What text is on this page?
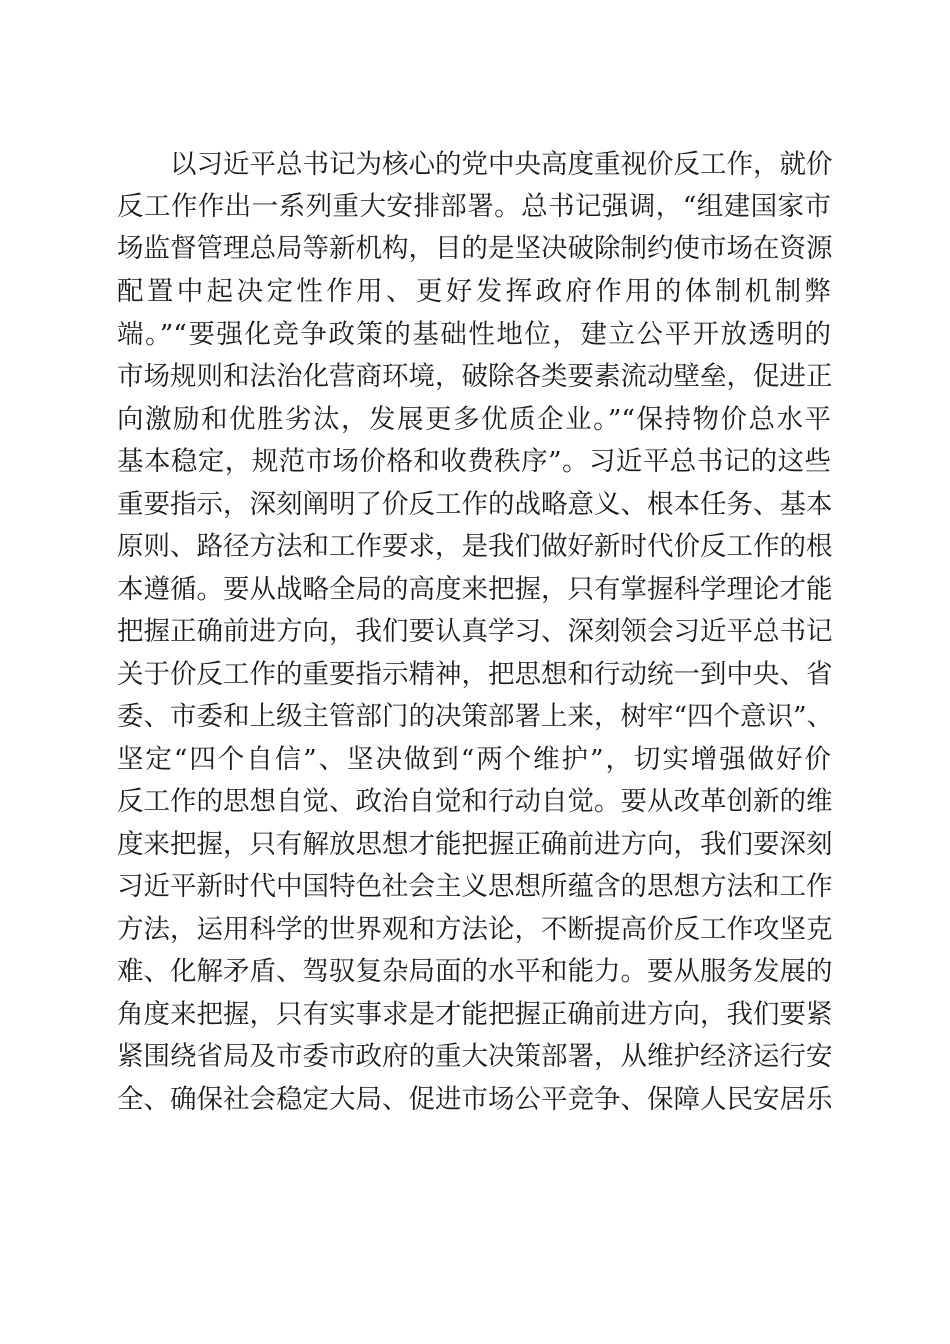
以习近平总书记为核心的党中央高度重视价反工作，就价
反工作作出一系列重大安排部署。总书记强调，“组建国家市
场监督管理总局等新机构，目的是坚决破除制约使市场在资源
配置中起决定性作用、更好发挥政府作用的体制机制弊
端。”“要强化竞争政策的基础性地位，建立公平开放透明的
市场规则和法治化营商环境，破除各类要素流动壁垒，促进正
向激励和优胜劣汰，发展更多优质企业。”“保持物价总水平
基本稳定，规范市场价格和收费秩序”。习近平总书记的这些
重要指示，深刻阐明了价反工作的战略意义、根本任务、基本
原则、路径方法和工作要求，是我们做好新时代价反工作的根
本遵循。要从战略全局的高度来把握，只有掌握科学理论才能
把握正确前进方向，我们要认真学习、深刻领会习近平总书记
关于价反工作的重要指示精神，把思想和行动统一到中央、省
委、市委和上级主管部门的决策部署上来，树牢“四个意识”、
坚定“四个自信”、坚决做到“两个维护”，切实增强做好价
反工作的思想自觉、政治自觉和行动自觉。要从改革创新的维
度来把握，只有解放思想才能把握正确前进方向，我们要深刻
习近平新时代中国特色社会主义思想所蕴含的思想方法和工作
方法，运用科学的世界观和方法论，不断提高价反工作攻坚克
难、化解矛盾、驾驭复杂局面的水平和能力。要从服务发展的
角度来把握，只有实事求是才能把握正确前进方向，我们要紧
紧围绕省局及市委市政府的重大决策部署，从维护经济运行安
全、确保社会稳定大局、促进市场公平竞争、保障人民安居乐
